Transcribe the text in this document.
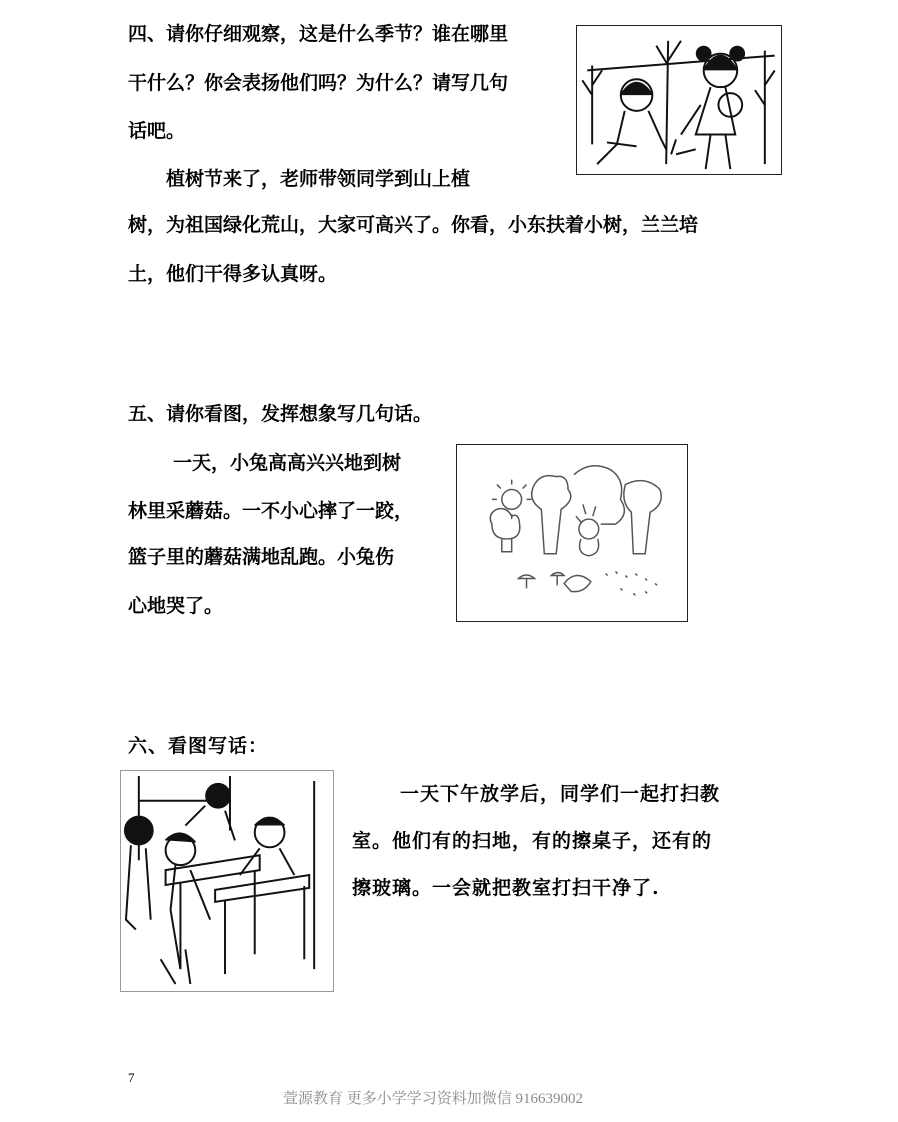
四、请你仔细观察，这是什么季节？谁在哪里
干什么？你会表扬他们吗？为什么？请写几句
话吧。
植树节来了，老师带领同学到山上植
树，为祖国绿化荒山，大家可高兴了。你看，小东扶着小树，兰兰培
土，他们干得多认真呀。
五、请你看图，发挥想象写几句话。
一天，小兔高高兴兴地到树
林里采蘑菇。一不小心摔了一跤，
篮子里的蘑菇满地乱跑。小兔伤
心地哭了。
六、看图写话：
一天下午放学后，同学们一起打扫教
室。他们有的扫地，有的擦桌子，还有的
擦玻璃。一会就把教室打扫干净了.
7
萱源教育 更多小学学习资料加微信 916639002
